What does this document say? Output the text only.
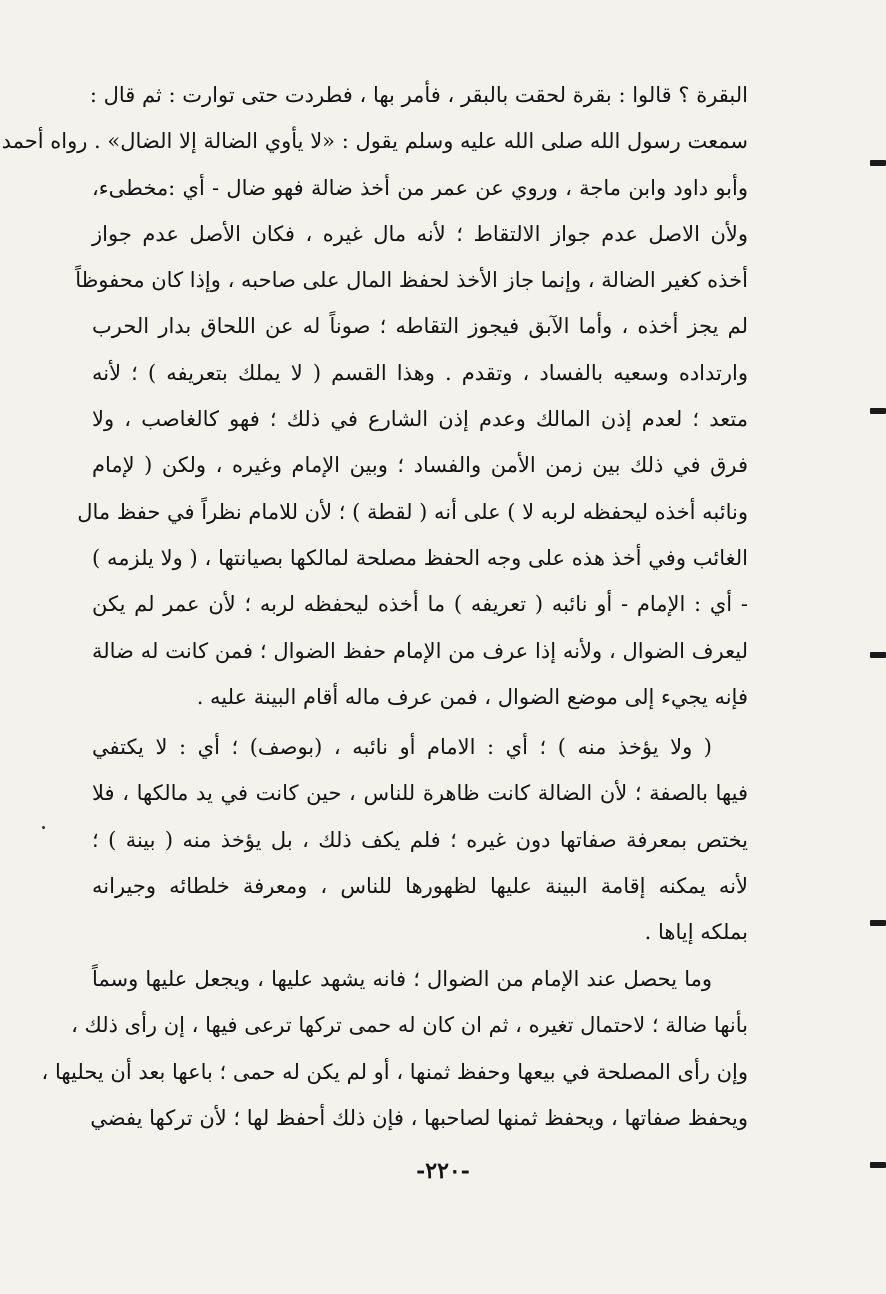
البقرة ؟ قالوا : بقرة لحقت بالبقر ، فأمر بها ، فطردت حتى توارت : ثم قال :
سمعت رسول الله صلى الله عليه وسلم يقول : «لا يأوي الضالة إلا الضال» . رواه أحمد
وأبو داود وابن ماجة ، وروي عن عمر من أخذ ضالة فهو ضال - أي :مخطىء،
ولأن الاصل عدم جواز الالتقاط ؛ لأنه مال غيره ، فكان الأصل عدم جواز
أخذه كغير الضالة ، وإنما جاز الأخذ لحفظ المال على صاحبه ، وإذا كان محفوظاً
لم يجز أخذه ، وأما الآبق فيجوز التقاطه ؛ صوناً له عن اللحاق بدار الحرب
وارتداده وسعيه بالفساد ، وتقدم . وهذا القسم ( لا يملك بتعريفه ) ؛ لأنه
متعد ؛ لعدم إذن المالك وعدم إذن الشارع في ذلك ؛ فهو كالغاصب ، ولا
فرق في ذلك بين زمن الأمن والفساد ؛ وبين الإمام وغيره ، ولكن ( لإمام
ونائبه أخذه ليحفظه لربه لا ) على أنه ( لقطة ) ؛ لأن للامام نظراً في حفظ مال
الغائب وفي أخذ هذه على وجه الحفظ مصلحة لمالكها بصيانتها ، ( ولا يلزمه )
- أي : الإمام - أو نائبه ( تعريفه ) ما أخذه ليحفظه لربه ؛ لأن عمر لم يكن
ليعرف الضوال ، ولأنه إذا عرف من الإمام حفظ الضوال ؛ فمن كانت له ضالة
فإنه يجيء إلى موضع الضوال ، فمن عرف ماله أقام البينة عليه .
( ولا يؤخذ منه ) ؛ أي : الامام أو نائبه ، (بوصف) ؛ أي : لا يكتفي
فيها بالصفة ؛ لأن الضالة كانت ظاهرة للناس ، حين كانت في يد مالكها ، فلا
يختص بمعرفة صفاتها دون غيره ؛ فلم يكف ذلك ، بل يؤخذ منه ( بينة ) ؛
لأنه يمكنه إقامة البينة عليها لظهورها للناس ، ومعرفة خلطائه وجيرانه
بملكه إياها .
وما يحصل عند الإمام من الضوال ؛ فانه يشهد عليها ، ويجعل عليها وسماً
بأنها ضالة ؛ لاحتمال تغيره ، ثم ان كان له حمى تركها ترعى فيها ، إن رأى ذلك ،
وإن رأى المصلحة في بيعها وحفظ ثمنها ، أو لم يكن له حمى ؛ باعها بعد أن يحليها ،
ويحفظ صفاتها ، ويحفظ ثمنها لصاحبها ، فإن ذلك أحفظ لها ؛ لأن تركها يفضي
-٢٢٠-
